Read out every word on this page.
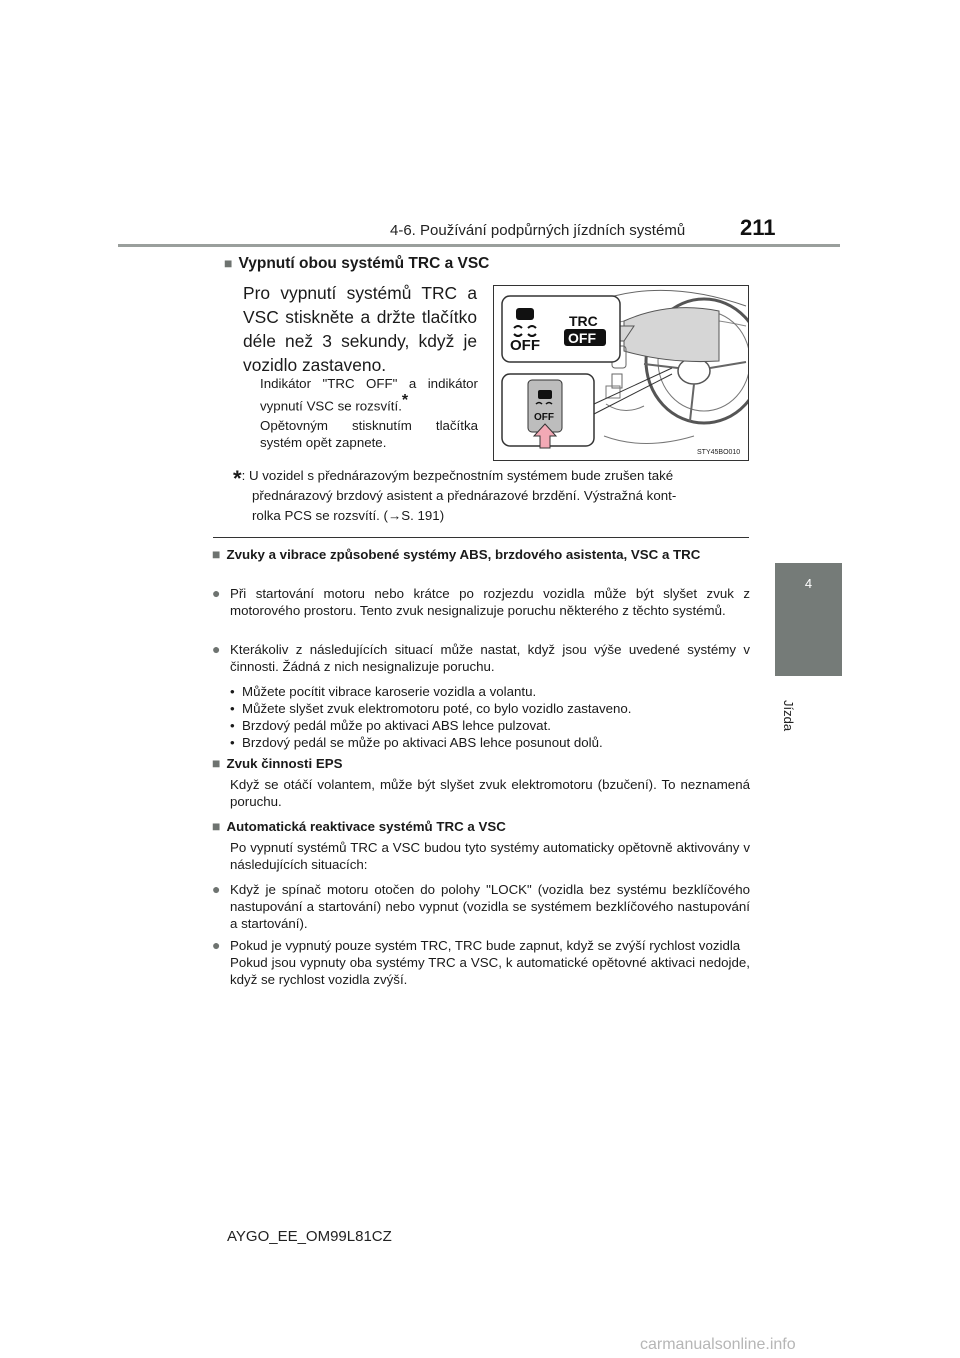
4-6. Používání podpůrných jízdních systémů 211
4
Jízda
■ Vypnutí obou systémů TRC a VSC
Pro vypnutí systémů TRC a VSC stiskněte a držte tlačítko déle než 3 sekundy, když je vozidlo zastaveno.

Indikátor "TRC OFF" a indikátor vypnutí VSC se rozsvítí.*

Opětovným stisknutím tlačítka systém opět zapnete.

OFF
TRC
OFF
OFF
STY45BO010
*: U vozidel s přednárazovým bezpečnostním systémem bude zrušen také
přednárazový brzdový asistent a přednárazové brzdění. Výstražná kont-
rolka PCS se rozsvítí. (→S. 191)
■ Zvuky a vibrace způsobené systémy ABS, brzdového asistenta, VSC a TRC
● Při startování motoru nebo krátce po rozjezdu vozidla může být slyšet zvuk z motorového prostoru. Tento zvuk nesignalizuje poruchu některého z těchto systémů.
● Kterákoliv z následujících situací může nastat, když jsou výše uvedené systémy v činnosti. Žádná z nich nesignalizuje poruchu.
• Můžete pocítit vibrace karoserie vozidla a volantu.
• Můžete slyšet zvuk elektromotoru poté, co bylo vozidlo zastaveno.
• Brzdový pedál může po aktivaci ABS lehce pulzovat.
• Brzdový pedál se může po aktivaci ABS lehce posunout dolů.
■ Zvuk činnosti EPS
Když se otáčí volantem, může být slyšet zvuk elektromotoru (bzučení). To neznamená poruchu.
■ Automatická reaktivace systémů TRC a VSC
Po vypnutí systémů TRC a VSC budou tyto systémy automaticky opětovně aktivovány v následujících situacích:
● Když je spínač motoru otočen do polohy "LOCK" (vozidla bez systému bezklíčového nastupování a startování) nebo vypnut (vozidla se systémem bezklíčového nastupování a startování).
● Pokud je vypnutý pouze systém TRC, TRC bude zapnut, když se zvýší rychlost vozidla
Pokud jsou vypnuty oba systémy TRC a VSC, k automatické opětovné aktivaci nedojde, když se rychlost vozidla zvýší.
AYGO_EE_OM99L81CZ
carmanualsonline.info
